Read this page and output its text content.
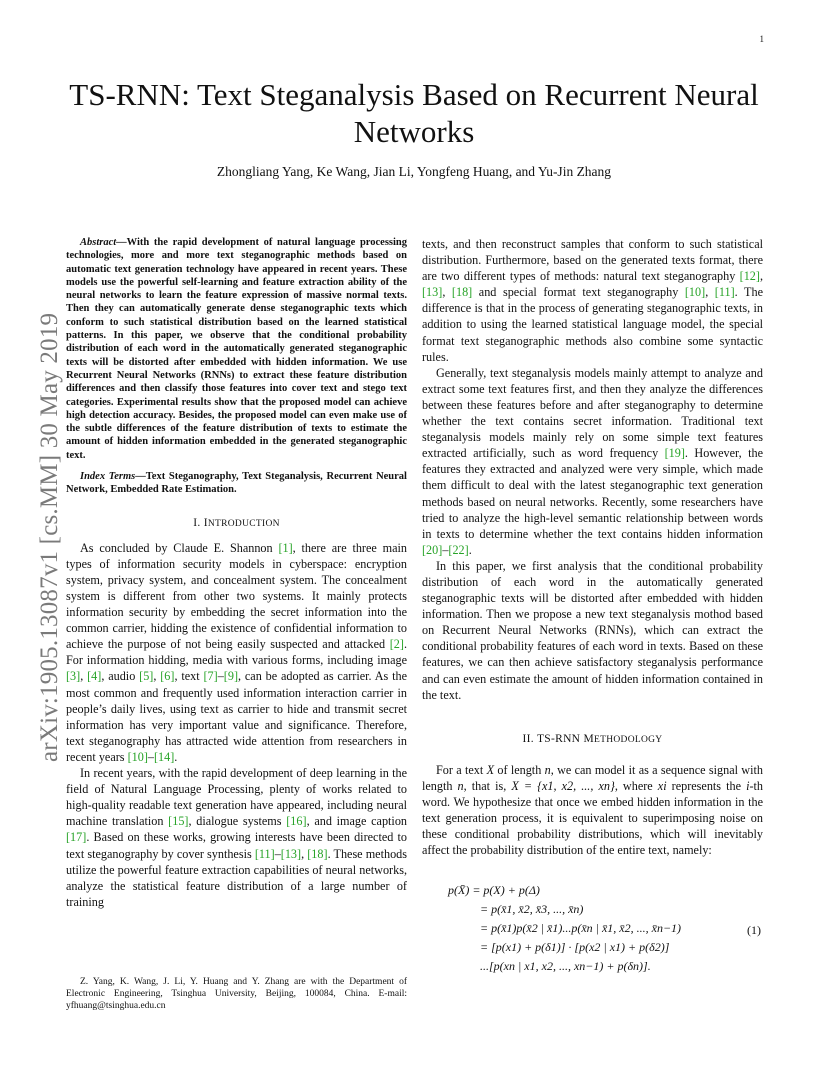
1
arXiv:1905.13087v1 [cs.MM] 30 May 2019
TS-RNN: Text Steganalysis Based on Recurrent Neural Networks
Zhongliang Yang, Ke Wang, Jian Li, Yongfeng Huang, and Yu-Jin Zhang

Abstract—With the rapid development of natural language processing technologies, more and more text steganographic methods based on automatic text generation technology have appeared in recent years. These models use the powerful self-learning and feature extraction ability of the neural networks to learn the feature expression of massive normal texts. Then they can automatically generate dense steganographic texts which conform to such statistical distribution based on the learned statistical patterns. In this paper, we observe that the conditional probability distribution of each word in the automatically generated steganographic texts will be distorted after embedded with hidden information. We use Recurrent Neural Networks (RNNs) to extract these feature distribution differences and then classify those features into cover text and stego text categories. Experimental results show that the proposed model can achieve high detection accuracy. Besides, the proposed model can even make use of the subtle differences of the feature distribution of texts to estimate the amount of hidden information embedded in the generated steganographic text.

Index Terms—Text Steganography, Text Steganalysis, Recurrent Neural Network, Embedded Rate Estimation.

I. INTRODUCTION

As concluded by Claude E. Shannon [1], there are three main types of information security models in cyberspace: encryption system, privacy system, and concealment system. The concealment system is different from other two systems. It mainly protects information security by embedding the secret information into the common carrier, hidding the existence of confidential information to achieve the purpose of not being easily suspected and attacked [2]. For information hidding, media with various forms, including image [3], [4], audio [5], [6], text [7]–[9], can be adopted as carrier. As the most common and frequently used information interaction carrier in people’s daily lives, using text as carrier to hide and transmit secret information has very important value and significance. Therefore, text steganography has attracted wide attention from researchers in recent years [10]–[14].

In recent years, with the rapid development of deep learning in the field of Natural Language Processing, plenty of works related to high-quality readable text generation have appeared, including neural machine translation [15], dialogue systems [16], and image caption [17]. Based on these works, growing interests have been directed to text steganography by cover synthesis [11]–[13], [18]. These methods utilize the powerful feature extraction capabilities of neural networks, analyze the statistical feature distribution of a large number of training

Z. Yang, K. Wang, J. Li, Y. Huang and Y. Zhang are with the Department of Electronic Engineering, Tsinghua University, Beijing, 100084, China. E-mail: yfhuang@tsinghua.edu.cn

texts, and then reconstruct samples that conform to such statistical distribution. Furthermore, based on the generated texts format, there are two different types of methods: natural text steganography [12], [13], [18] and special format text steganography [10], [11]. The difference is that in the process of generating steganographic texts, in addition to using the learned statistical language model, the special format text steganographic methods also combine some syntactic rules.

Generally, text steganalysis models mainly attempt to analyze and extract some text features first, and then they analyze the differences between these features before and after steganography to determine whether the text contains secret information. Traditional text steganalysis models mainly rely on some simple text features extracted artificially, such as word frequency [19]. However, the features they extracted and analyzed were very simple, which made them difficult to deal with the latest steganographic text generation methods based on neural networks. Recently, some researchers have tried to analyze the high-level semantic relationship between words in texts to determine whether the text contains hidden information [20]–[22].

In this paper, we first analysis that the conditional probability distribution of each word in the automatically generated steganographic texts will be distorted after embedded with hidden information. Then we propose a new text steganalysis mothod based on Recurrent Neural Networks (RNNs), which can extract the conditional probability features of each word in texts. Based on these features, we can then achieve satisfactory steganalysis performance and can even estimate the amount of hidden information contained in the text.

II. TS-RNN METHODOLOGY

For a text X of length n, we can model it as a sequence signal with length n, that is, X = {x1, x2, ..., xn}, where xi represents the i-th word. We hypothesize that once we embed hidden information in the text generation process, it is equivalent to superimposing noise on these conditional probability distributions, which will inevitably affect the probability distribution of the entire text, namely:

p(X̄) = p(X) + p(Δ)
= p(x̄1, x̄2, x̄3, ..., x̄n)
= p(x̄1)p(x̄2 | x̄1)...p(x̄n | x̄1, x̄2, ..., x̄n−1)
= [p(x1) + p(δ1)] · [p(x2 | x1) + p(δ2)]
...[p(xn | x1, x2, ..., xn−1) + p(δn)].
(1)
